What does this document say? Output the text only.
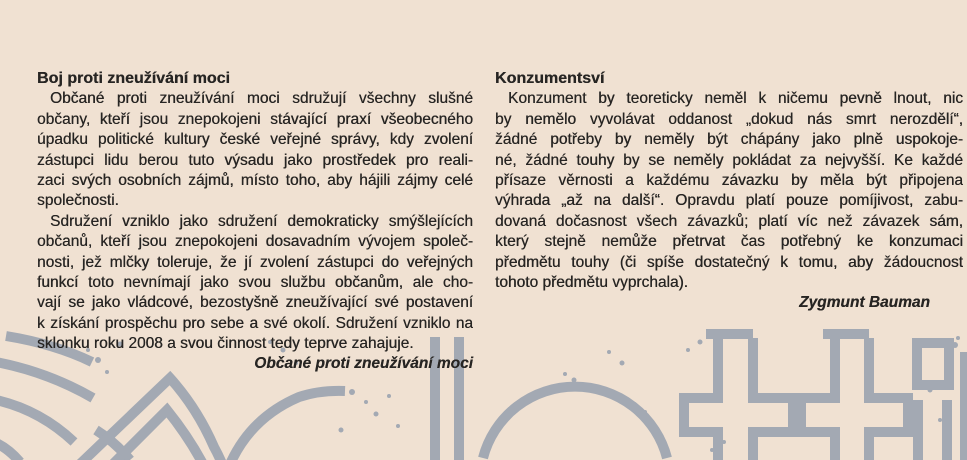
Boj proti zneužívání moci
Občané proti zneužívání moci sdružují všechny slušné
občany, kteří jsou znepokojeni stávající praxí všeobecného
úpadku politické kultury české veřejné správy, kdy zvolení
zástupci lidu berou tuto výsadu jako prostředek pro reali-
zaci svých osobních zájmů, místo toho, aby hájili zájmy celé
společnosti.
Sdružení vzniklo jako sdružení demokraticky smýšlejících
občanů, kteří jsou znepokojeni dosavadním vývojem společ-
nosti, jež mlčky toleruje, že jí zvolení zástupci do veřejných
funkcí toto nevnímají jako svou službu občanům, ale cho-
vají se jako vládcové, bezostyšně zneužívající své postavení
k získání prospěchu pro sebe a své okolí. Sdružení vzniklo na
sklonku roku 2008 a svou činnost tedy teprve zahajuje.
Občané proti zneužívání moci
Konzumentsví
Konzument by teoreticky neměl k ničemu pevně lnout, nic
by nemělo vyvolávat oddanost „dokud nás smrt nerozdělí“,
žádné potřeby by neměly být chápány jako plně uspokoje-
né, žádné touhy by se neměly pokládat za nejvyšší. Ke každé
přísaze věrnosti a každému závazku by měla být připojena
výhrada „až na další“. Opravdu platí pouze pomíjivost, zabu-
dovaná dočasnost všech závazků; platí víc než závazek sám,
který stejně nemůže přetrvat čas potřebný ke konzumaci
předmětu touhy (či spíše dostatečný k tomu, aby žádoucnost
tohoto předmětu vyprchala).
Zygmunt Bauman
